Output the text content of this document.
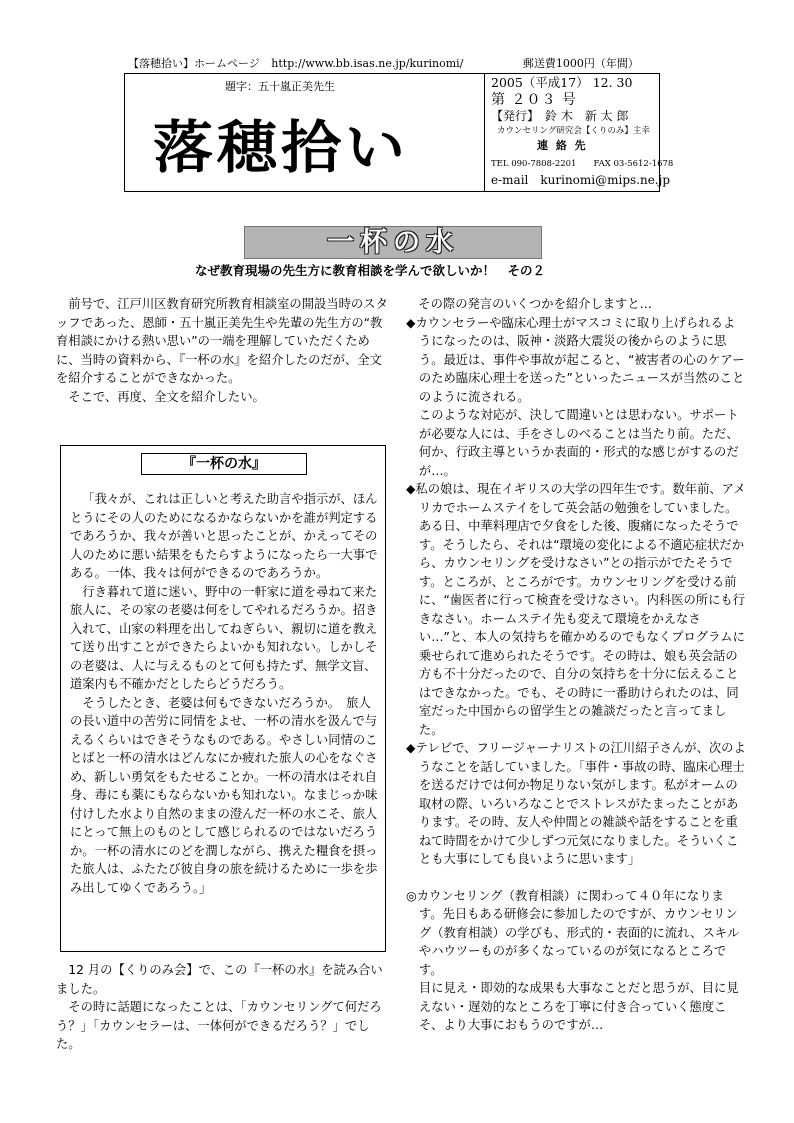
【落穂拾い】ホームページ http://www.bb.isas.ne.jp/kurinomi/	郵送費1000円（年間）
題字：五十嵐正美先生
落穂拾い
2005（平成17） 12. 30
第 ２０３ 号
【発行】　鈴 木　新 太 郎
カウンセリング研究会【くりのみ】主幸
連 絡 先
TEL 090-7808-2201　　FAX 03-5612-1678
e-mail　kurinomi@mips.ne.jp
一杯の水
なぜ教育現場の先生方に教育相談を学んで欲しいか！　その２

前号で、江戸川区教育研究所教育相談室の開設当時のスタッフであった、恩師・五十嵐正美先生や先輩の先生方の“教育相談にかける熱い思い”の一端を理解していただくために、当時の資料から、『一杯の水』を紹介したのだが、全文を紹介することができなかった。

そこで、再度、全文を紹介したい。

『一杯の水』

「我々が、これは正しいと考えた助言や指示が、ほんとうにその人のためになるかならないかを誰が判定するであろうか、我々が善いと思ったことが、かえってその人のために悪い結果をもたらすようになったら一大事である。一体、我々は何ができるのであろうか。

行き暮れて道に迷い、野中の一軒家に道を尋ねて来た旅人に、その家の老婆は何をしてやれるだろうか。招き入れて、山家の料理を出してねぎらい、親切に道を教えて送り出すことができたらよいかも知れない。しかしその老婆は、人に与えるものとて何も持たず、無学文盲、道案内も不確かだとしたらどうだろう。

そうしたとき、老婆は何もできないだろうか。　旅人の長い道中の苦労に同情をよせ、一杯の清水を汲んで与えるくらいはできそうなものである。やさしい同情のことばと一杯の清水はどんなにか疲れた旅人の心をなぐさめ、新しい勇気をもたせることか。一杯の清水はそれ自身、毒にも薬にもならないかも知れない。なまじっか味付けした水より自然のままの澄んだ一杯の水こそ、旅人にとって無上のものとして感じられるのではないだろうか。一杯の清水にのどを潤しながら、携えた糧食を摂った旅人は、ふたたび彼自身の旅を続けるために一歩を歩み出してゆくであろう。」

12 月の【くりのみ会】で、この『一杯の水』を読み合いました。

その時に話題になったことは、「カウンセリングて何だろう？」「カウンセラーは、一体何ができるだろう？」でした。

その際の発言のいくつかを紹介しますと…

◆カウンセラーや臨床心理士がマスコミに取り上げられるようになったのは、阪神・淡路大震災の後からのように思う。最近は、事件や事故が起こると、“被害者の心のケアーのため臨床心理士を送った”といったニュースが当然のことのように流される。

このような対応が、決して間違いとは思わない。サポートが必要な人には、手をさしのべることは当たり前。ただ、何か、行政主導というか表面的・形式的な感じがするのだが…。

◆私の娘は、現在イギリスの大学の四年生です。数年前、アメリカでホームステイをして英会話の勉強をしていました。ある日、中華料理店で夕食をした後、腹痛になったそうです。そうしたら、それは“環境の変化による不適応症状だから、カウンセリングを受けなさい”との指示がでたそうです。ところが、ところがです。カウンセリングを受ける前に、“歯医者に行って検査を受けなさい。内科医の所にも行きなさい。ホームステイ先も変えて環境をかえなさい…”と、本人の気持ちを確かめるのでもなくプログラムに乗せられて進められたそうです。その時は、娘も英会話の方も不十分だったので、自分の気持ちを十分に伝えることはできなかった。でも、その時に一番助けられたのは、同室だった中国からの留学生との雑談だったと言ってました。

◆テレビで、フリージャーナリストの江川紹子さんが、次のようなことを話していました。「事件・事故の時、臨床心理士を送るだけでは何か物足りない気がします。私がオームの取材の際、いろいろなことでストレスがたまったことがあります。その時、友人や仲間との雑談や話をすることを重ねて時間をかけて少しずつ元気になりました。そういくことも大事にしても良いように思います」

◎カウンセリング（教育相談）に関わって４０年になります。先日もある研修会に参加したのですが、カウンセリング（教育相談）の学びも、形式的・表面的に流れ、スキルやハウツーものが多くなっているのが気になるところです。

目に見え・即効的な成果も大事なことだと思うが、目に見えない・遅効的なところを丁寧に付き合っていく態度こそ、より大事におもうのですが…
